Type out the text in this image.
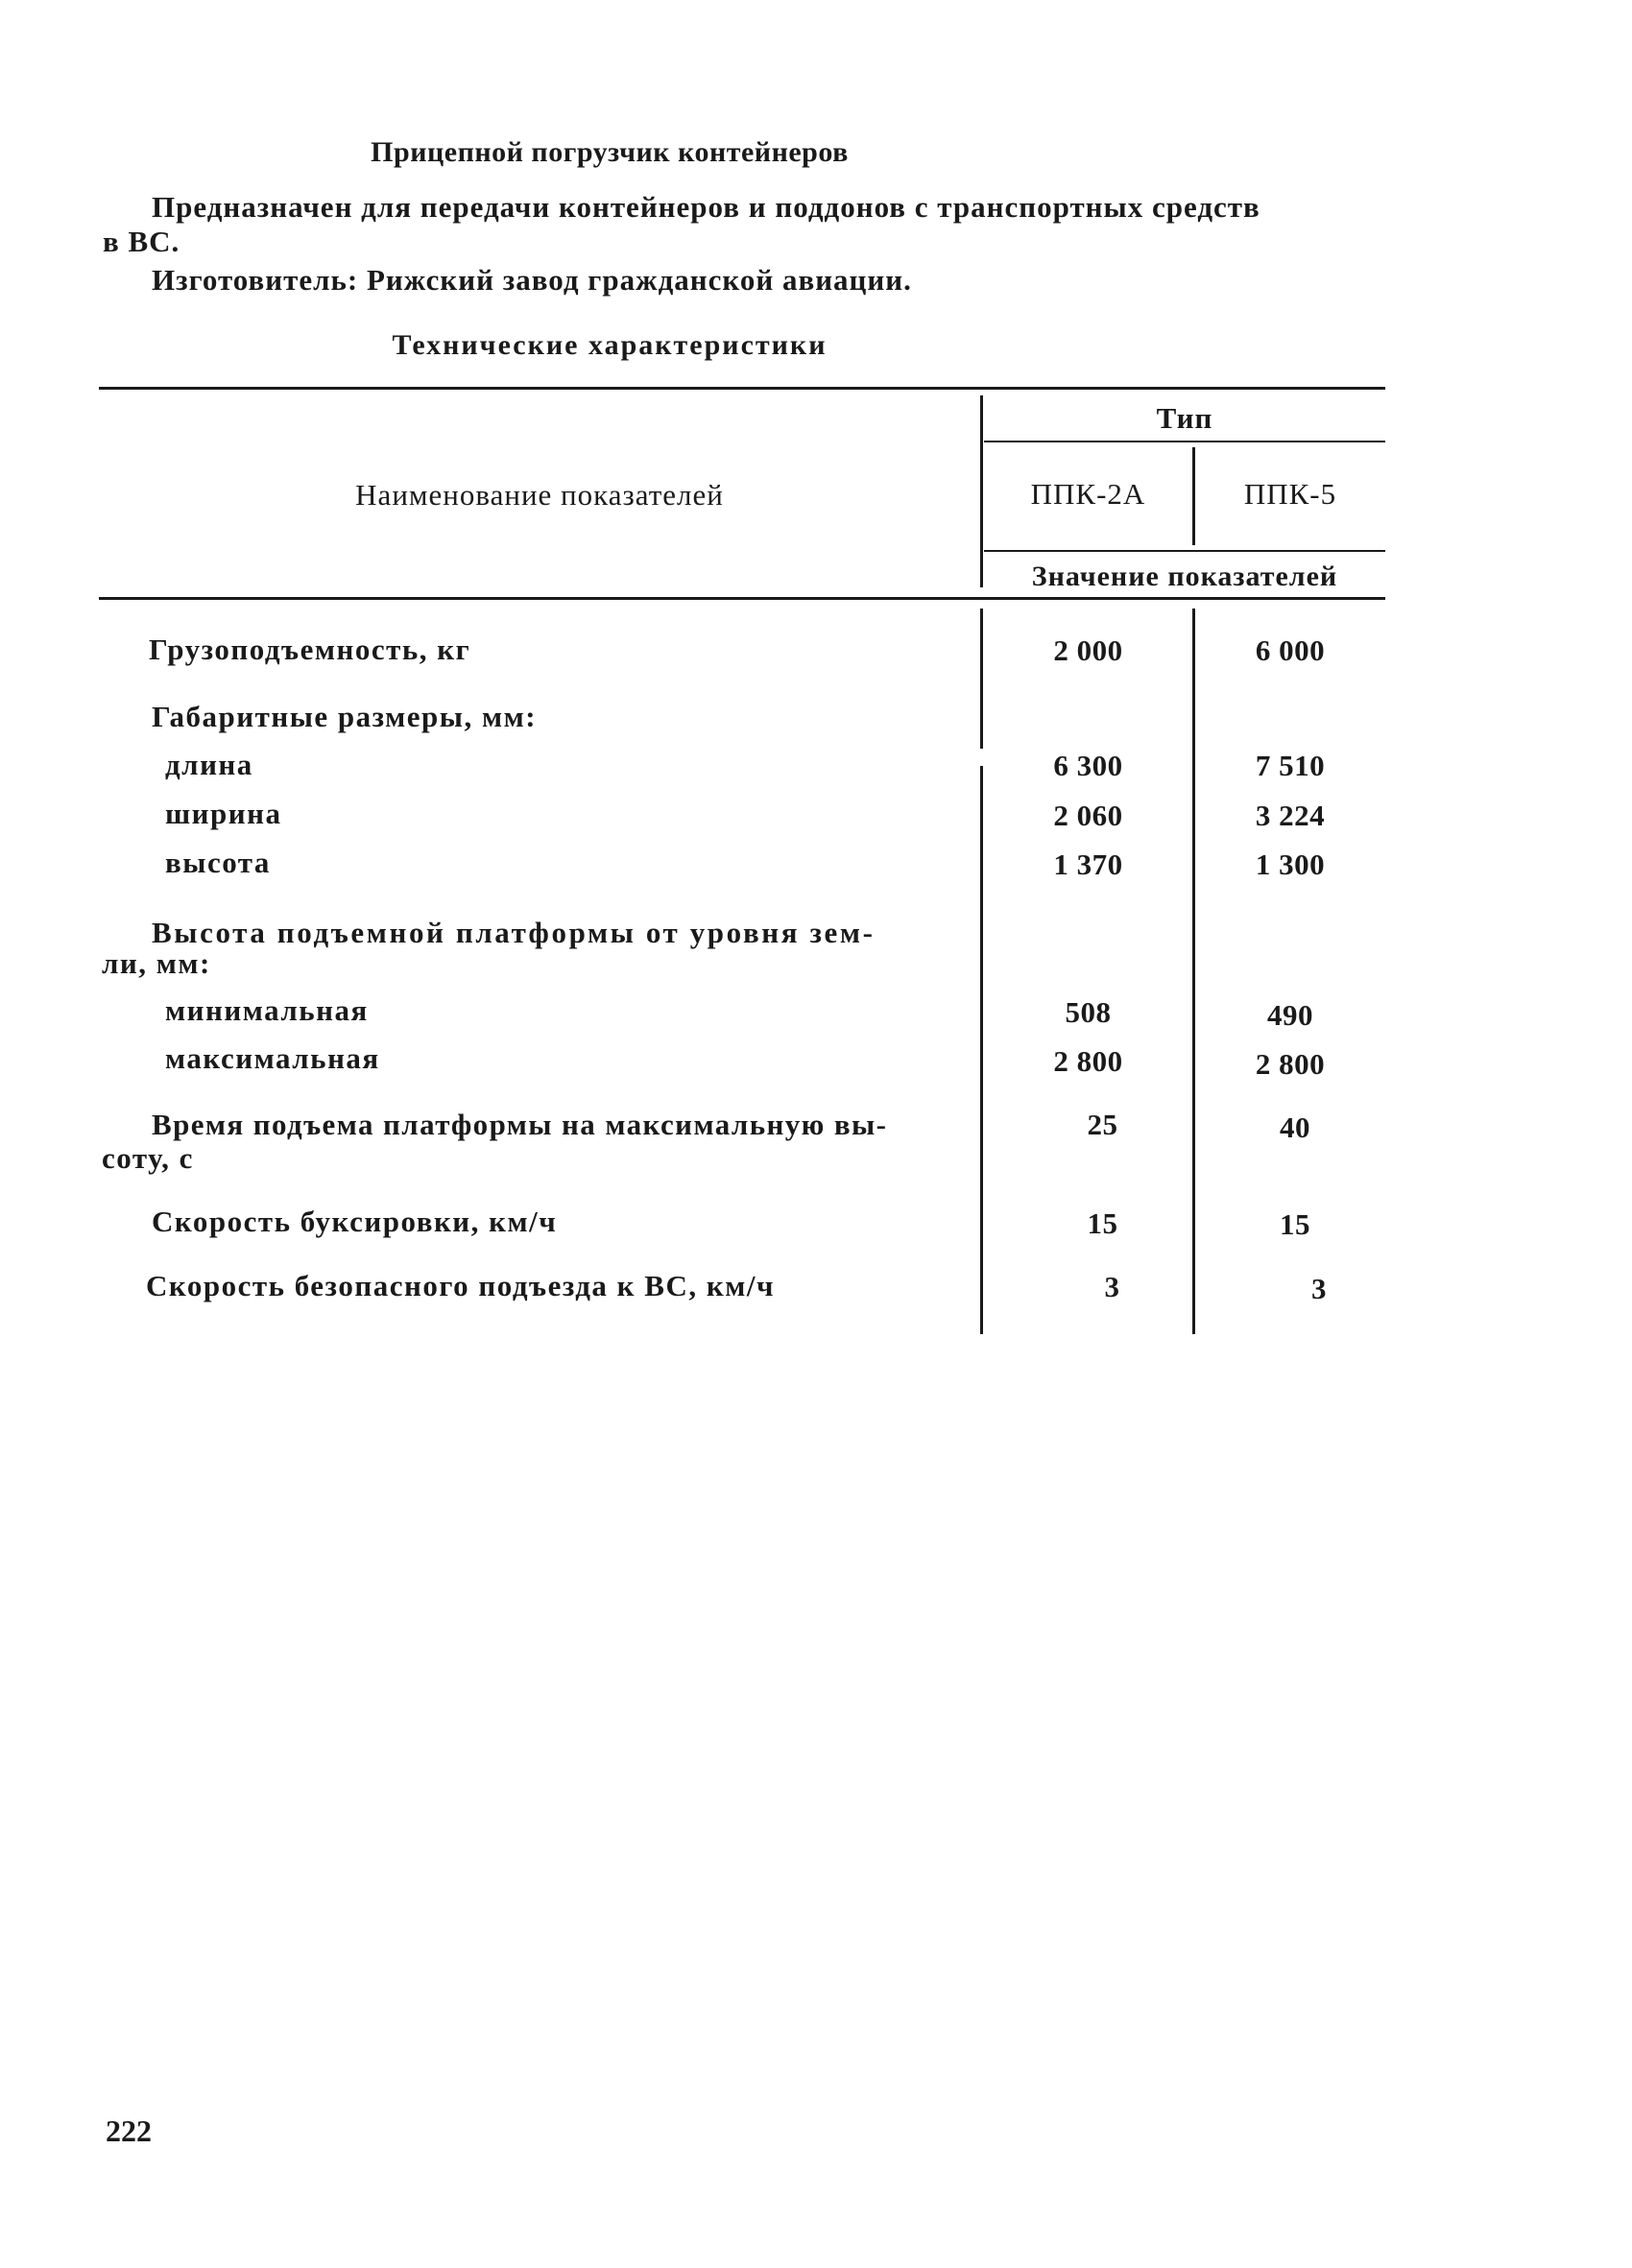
Прицепной погрузчик контейнеров
Предназначен для передачи контейнеров и поддонов с транспортных средств
в ВС.
Изготовитель: Рижский завод гражданской авиации.
Технические характеристики
Наименование показателей
Тип
ППК-2А	ППК-5
Значение показателей
Грузоподъемность, кг	2 000	6 000
Габаритные размеры, мм:
длина	6 300	7 510
ширина	2 060	3 224
высота	1 370	1 300
Высота подъемной платформы от уровня зем-
ли, мм:
минимальная	508	490
максимальная	2 800	2 800
Время подъема платформы на максимальную вы-
соту, с
25	40
Скорость буксировки, км/ч	15	15
Скорость безопасного подъезда к ВС, км/ч	3	3
222
